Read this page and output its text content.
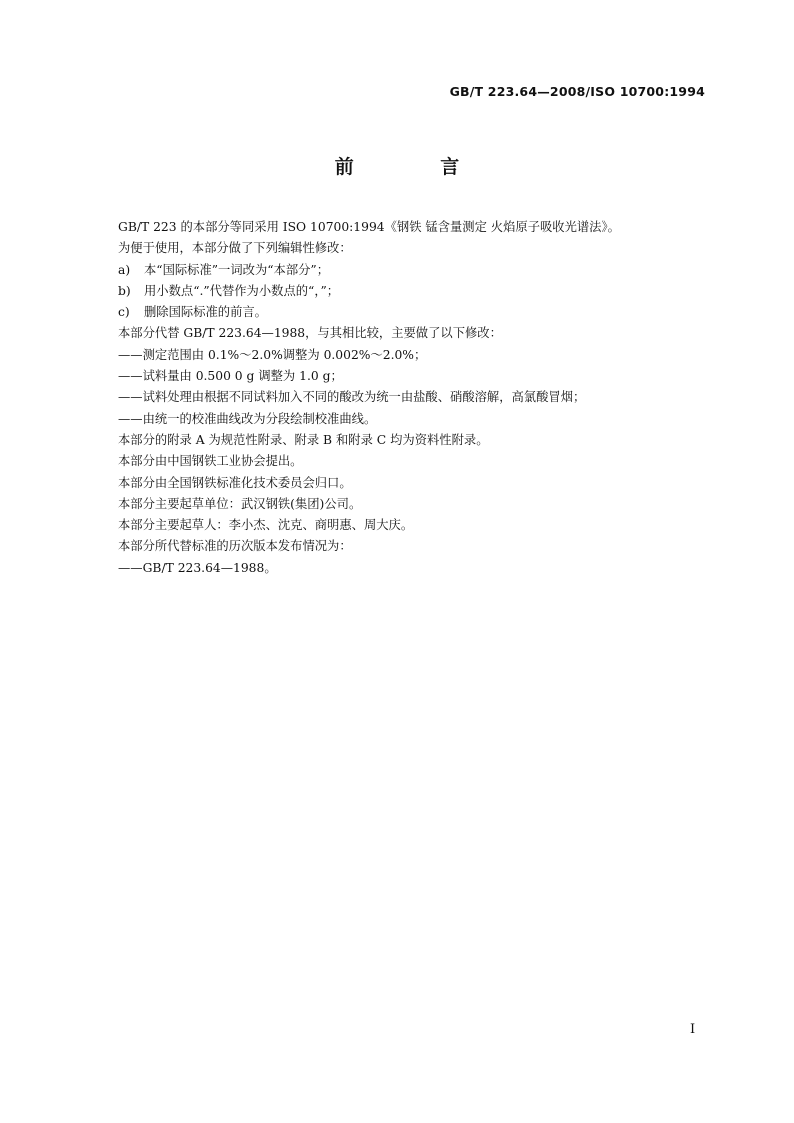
GB/T 223.64—2008/ISO 10700:1994
前 言
GB/T 223 的本部分等同采用 ISO 10700:1994《钢铁 锰含量测定 火焰原子吸收光谱法》。
为便于使用，本部分做了下列编辑性修改：
a) 本“国际标准”一词改为“本部分”；
b) 用小数点“.”代替作为小数点的“，”；
c) 删除国际标准的前言。
本部分代替 GB/T 223.64—1988，与其相比较，主要做了以下修改：
——测定范围由 0.1%～2.0%调整为 0.002%～2.0%；
——试料量由 0.500 0 g 调整为 1.0 g；
——试料处理由根据不同试料加入不同的酸改为统一由盐酸、硝酸溶解，高氯酸冒烟；
——由统一的校准曲线改为分段绘制校准曲线。
本部分的附录 A 为规范性附录、附录 B 和附录 C 均为资料性附录。
本部分由中国钢铁工业协会提出。
本部分由全国钢铁标准化技术委员会归口。
本部分主要起草单位：武汉钢铁(集团)公司。
本部分主要起草人：李小杰、沈克、商明惠、周大庆。
本部分所代替标准的历次版本发布情况为：
——GB/T 223.64—1988。
I
